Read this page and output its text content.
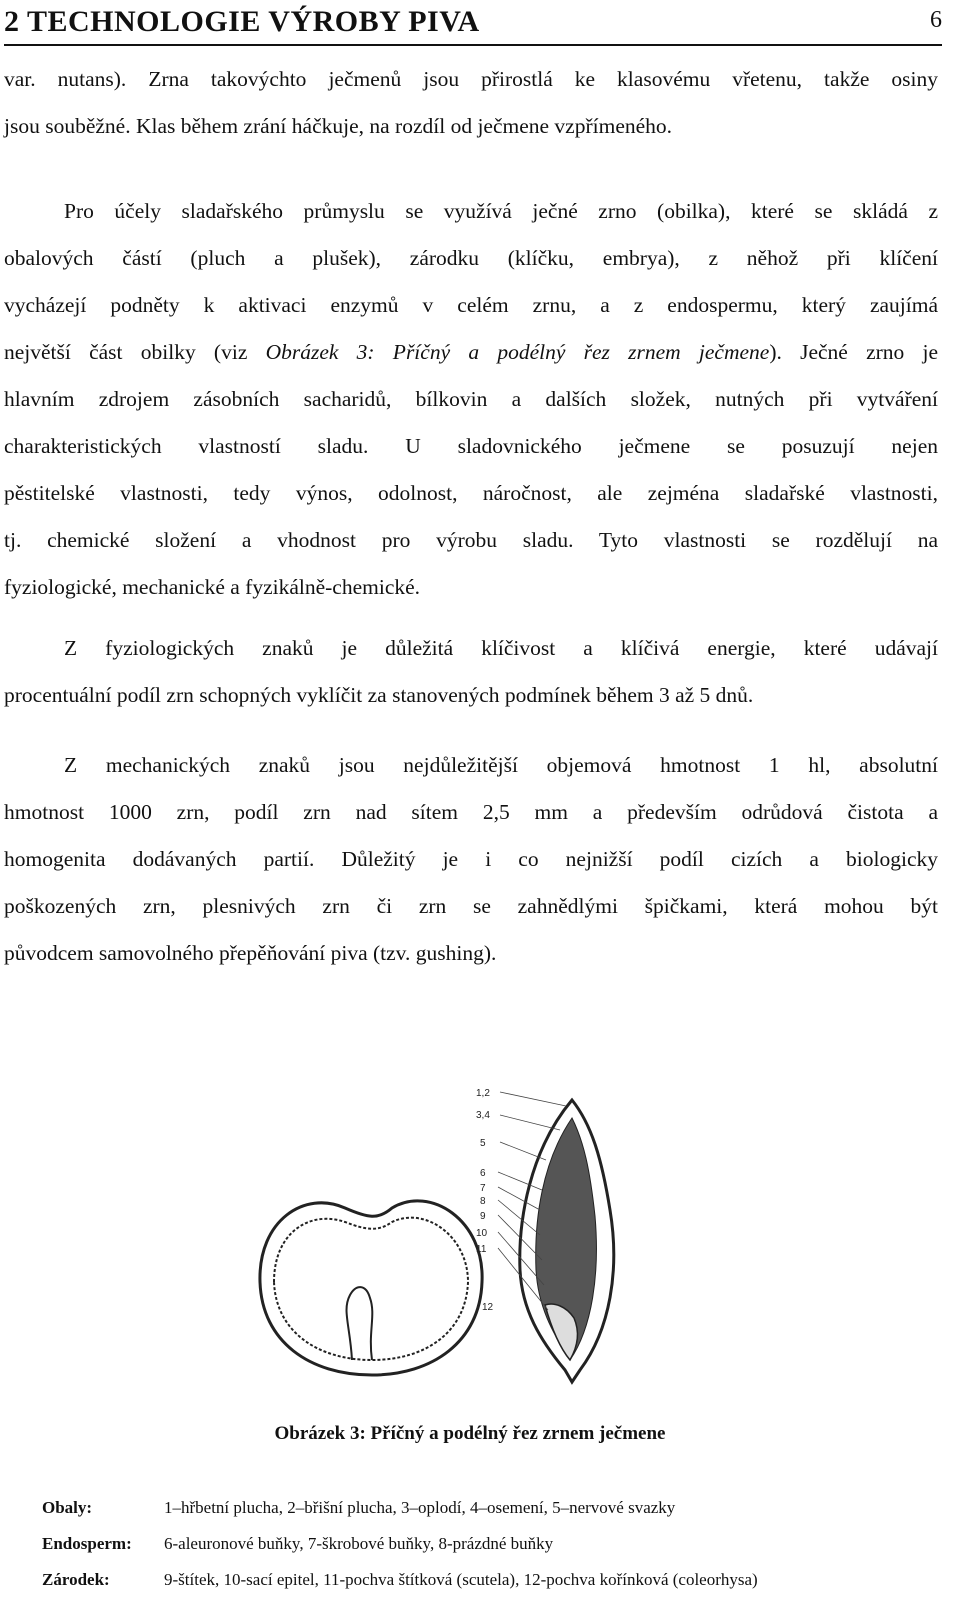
2 TECHNOLOGIE VÝROBY PIVA	6
var. nutans). Zrna takovýchto ječmenů jsou přirostlá ke klasovému vřetenu, takže osiny
jsou souběžné. Klas během zrání háčkuje, na rozdíl od ječmene vzpřímeného.
Pro účely sladařského průmyslu se využívá ječné zrno (obilka), které se skládá z
obalových částí (pluch a plušek), zárodku (klíčku, embrya), z něhož při klíčení
vycházejí podněty k aktivaci enzymů v celém zrnu, a z endospermu, který zaujímá
největší část obilky (viz Obrázek 3: Příčný a podélný řez zrnem ječmene). Ječné zrno je
hlavním zdrojem zásobních sacharidů, bílkovin a dalších složek, nutných při vytváření
charakteristických vlastností sladu. U sladovnického ječmene se posuzují nejen
pěstitelské vlastnosti, tedy výnos, odolnost, náročnost, ale zejména sladařské vlastnosti,
tj. chemické složení a vhodnost pro výrobu sladu. Tyto vlastnosti se rozdělují na
fyziologické, mechanické a fyzikálně-chemické.
Z fyziologických znaků je důležitá klíčivost a klíčivá energie, které udávají
procentuální podíl zrn schopných vyklíčit za stanovených podmínek během 3 až 5 dnů.
Z mechanických znaků jsou nejdůležitější objemová hmotnost 1 hl, absolutní
hmotnost 1000 zrn, podíl zrn nad sítem 2,5 mm a především odrůdová čistota a
homogenita dodávaných partií. Důležitý je i co nejnižší podíl cizích a biologicky
poškozených zrn, plesnivých zrn či zrn se zahnědlými špičkami, která mohou být
původcem samovolného přepěňování piva (tzv. gushing).
1,2
3,4
5
6
7
8
9
10
11
12
Obrázek 3: Příčný a podélný řez zrnem ječmene
Obaly:	1–hřbetní plucha, 2–břišní plucha, 3–oplodí, 4–osemení, 5–nervové svazky
Endosperm:	6-aleuronové buňky, 7-škrobové buňky, 8-prázdné buňky
Zárodek:	9-štítek, 10-sací epitel, 11-pochva štítková (scutela), 12-pochva kořínková (coleorhysa)
